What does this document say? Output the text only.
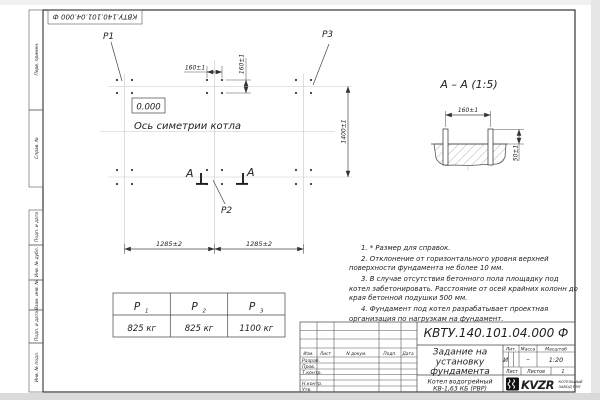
Перв. примен.
Справ. №
Подп. и дата
Инв. № дубл.
Взам. инв. №
Подп. и дата
Инв. № подл.
КВТУ.140.101.04.000 Ф
P1	P3
P2
0.000
Ось симетрии котла
А	А
160±1	160±1
1285±2	1285±2
1400±1
А – А (1:5)
160±1
50±1
P 1	P 2	P 3
825 кг	825 кг	1100 кг	КВТУ.140.101.04.000 Ф
Задание на
установку
фундамента
Лит. Масса Масштаб
И	–	1:20
Лист Листов	1
Котел водогрейный
КВ-1,63 КБ (РВР)	KVZR КОТЕЛЬНЫЙ
ЗАВОД РЭП
Изм. Лист	N докум.	Подп. Дата
Разраб.
Пров.
Т.контр.
Н.контр.
Утв.

1. * Размер для справок.

2. Отклонение от горизонтального уровня верхней поверхности фундамента не более 10 мм.

3. В случае отсутствия бетонного пола площадку под котел забетонировать. Расстояние от осей крайних колонн до края бетонной подушки 500 мм.

4. Фундамент под котел разрабатывает проектная организация по нагрузкам на фундамент.
